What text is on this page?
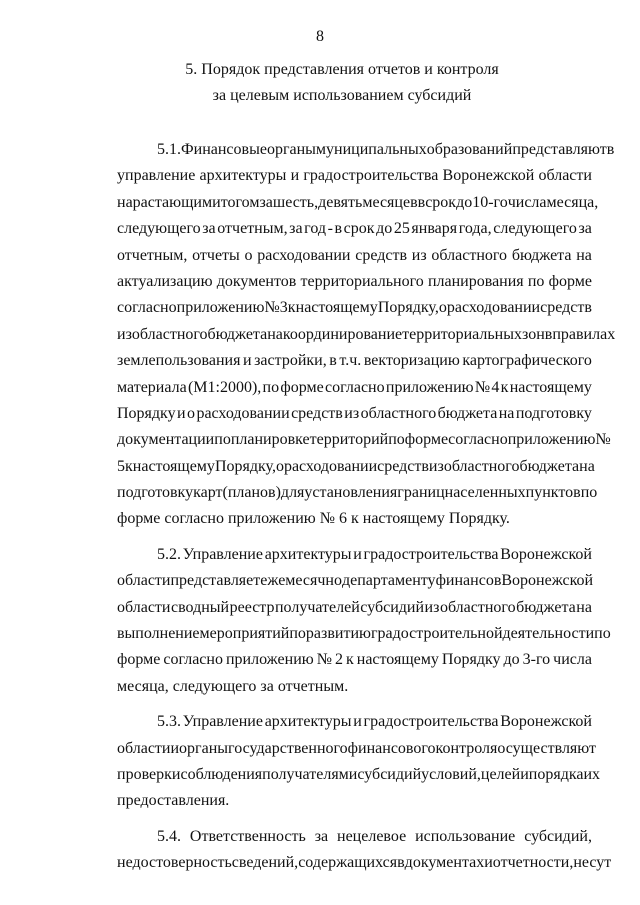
8
5. Порядок представления отчетов и контроля
за целевым использованием субсидий
5.1. Финансовые органы муниципальных образований представляют в
управление архитектуры и градостроительства Воронежской области
нарастающим итогом за шесть, девять месяцев в срок до 10-го числа месяца,
следующего за отчетным, за год - в срок до 25 января года, следующего за
отчетным, отчеты о расходовании средств из областного бюджета на
актуализацию документов территориального планирования по форме
согласно приложению № 3 к настоящему Порядку, о расходовании средств
из областного бюджета на координирование территориальных зон в правилах
землепользования и застройки, в т.ч. векторизацию картографического
материала (М1:2000), по форме согласно приложению № 4 к настоящему
Порядку и о расходовании средств из областного бюджета на подготовку
документации по планировке территорий по форме согласно приложению №
5 к настоящему Порядку, о расходовании средств из областного бюджета на
подготовку карт (планов) для установления границ населенных пунктов по
форме согласно приложению № 6 к настоящему Порядку.
5.2. Управление архитектуры и градостроительства Воронежской
области представляет ежемесячно департаменту финансов Воронежской
области сводный реестр получателей субсидий из областного бюджета на
выполнение мероприятий по развитию градостроительной деятельности по
форме согласно приложению № 2 к настоящему Порядку до 3-го числа
месяца, следующего за отчетным.
5.3. Управление архитектуры и градостроительства Воронежской
области и органы государственного финансового контроля осуществляют
проверки соблюдения получателями субсидий условий, целей и порядка их
предоставления.
5.4. Ответственность за нецелевое использование субсидий,
недостоверность сведений, содержащихся в документах и отчетности, несут
